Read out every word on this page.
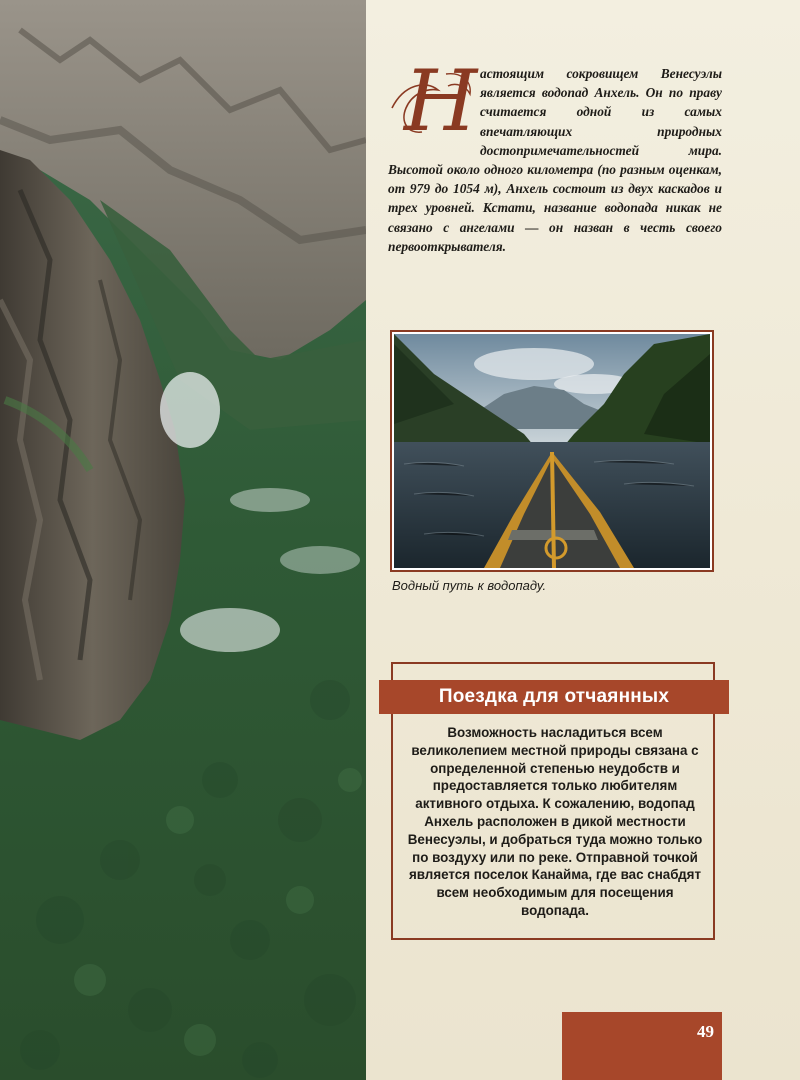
Н астоящим сокровищем Венесуэлы является водопад Анхель. Он по праву считается одной из самых впечатляющих природных достопримечательностей мира. Высотой около одного километра (по разным оценкам, от 979 до 1054 м), Анхель состоит из двух каскадов и трех уровней. Кстати, название водопада никак не связано с ангелами — он назван в честь своего первооткрывателя.
Водный путь к водопаду.
Поездка для отчаянных
Возможность насладиться всем великолепием местной природы связана с определенной степенью неудобств и предоставляется только любителям активного отдыха. К сожалению, водопад Анхель расположен в дикой местности Венесуэлы, и добраться туда можно только по воздуху или по реке. Отправной точкой является поселок Канайма, где вас снабдят всем необходимым для посещения водопада.
49
